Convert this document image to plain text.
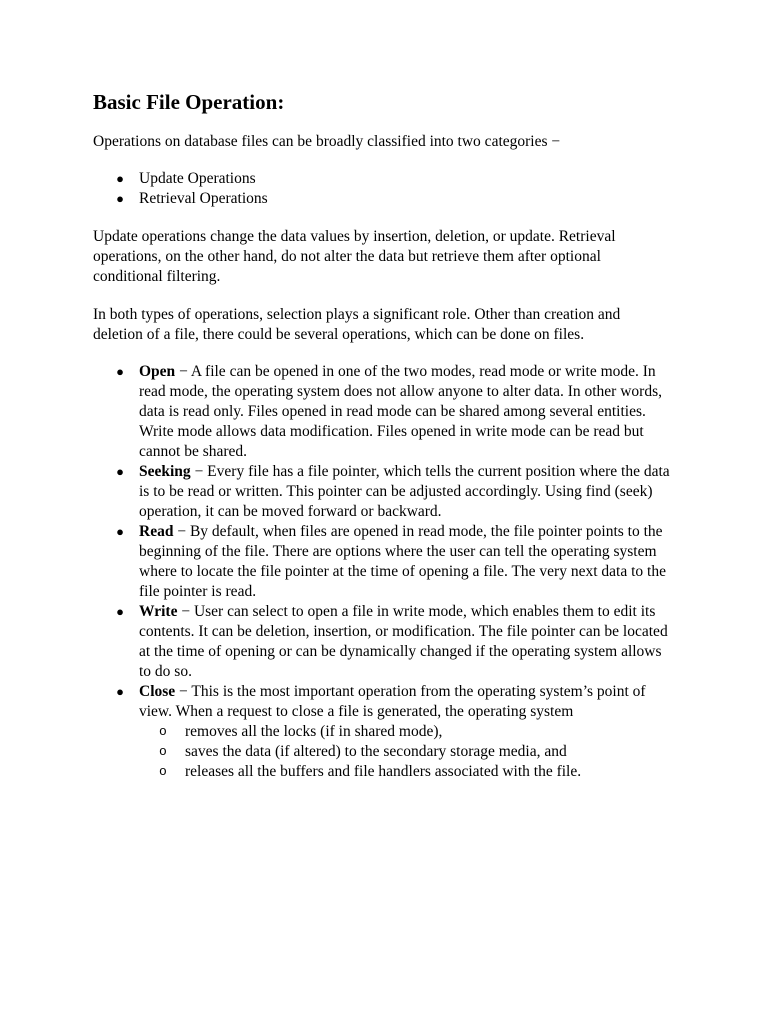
Basic File Operation:

Operations on database files can be broadly classified into two categories −

● Update Operations
● Retrieval Operations

Update operations change the data values by insertion, deletion, or update. Retrieval operations, on the other hand, do not alter the data but retrieve them after optional conditional filtering.

In both types of operations, selection plays a significant role. Other than creation and deletion of a file, there could be several operations, which can be done on files.

● Open − A file can be opened in one of the two modes, read mode or write mode. In read mode, the operating system does not allow anyone to alter data. In other words, data is read only. Files opened in read mode can be shared among several entities. Write mode allows data modification. Files opened in write mode can be read but cannot be shared.
● Seeking − Every file has a file pointer, which tells the current position where the data is to be read or written. This pointer can be adjusted accordingly. Using find (seek) operation, it can be moved forward or backward.
● Read − By default, when files are opened in read mode, the file pointer points to the beginning of the file. There are options where the user can tell the operating system where to locate the file pointer at the time of opening a file. The very next data to the file pointer is read.
● Write − User can select to open a file in write mode, which enables them to edit its contents. It can be deletion, insertion, or modification. The file pointer can be located at the time of opening or can be dynamically changed if the operating system allows to do so.
● Close − This is the most important operation from the operating system’s point of view. When a request to close a file is generated, the operating system
o removes all the locks (if in shared mode),
o saves the data (if altered) to the secondary storage media, and
o releases all the buffers and file handlers associated with the file.
